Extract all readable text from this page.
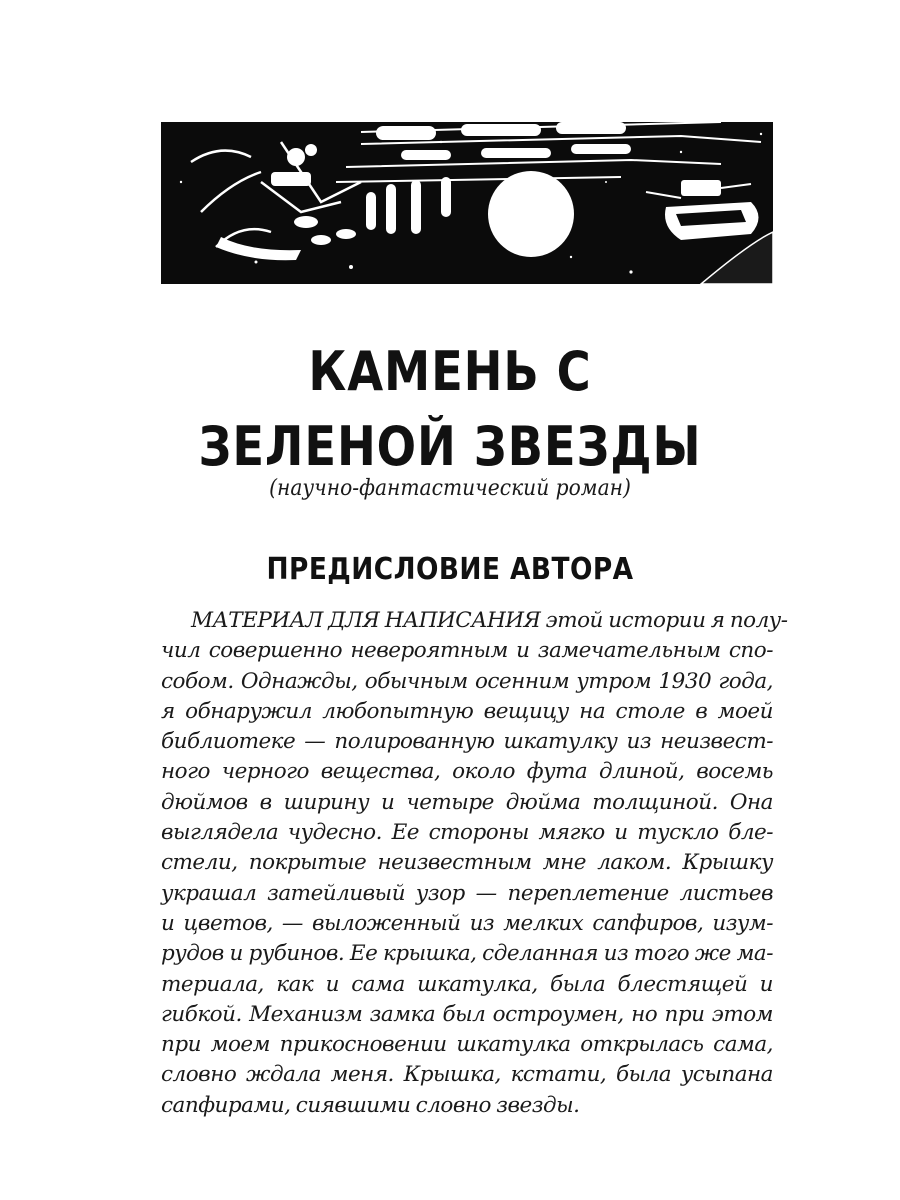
КАМЕНЬ С
ЗЕЛЕНОЙ ЗВЕЗДЫ
(научно-фантастический роман)
ПРЕДИСЛОВИЕ АВТОРА
МАТЕРИАЛ ДЛЯ НАПИСАНИЯ этой истории я полу-
чил совершенно невероятным и замечательным спо-
собом. Однажды, обычным осенним утром 1930 года,
я обнаружил любопытную вещицу на столе в моей
библиотеке — полированную шкатулку из неизвест-
ного черного вещества, около фута длиной, восемь
дюймов в ширину и четыре дюйма толщиной. Она
выглядела чудесно. Ее стороны мягко и тускло бле-
стели, покрытые неизвестным мне лаком. Крышку
украшал затейливый узор — переплетение листьев
и цветов, — выложенный из мелких сапфиров, изум-
рудов и рубинов. Ее крышка, сделанная из того же ма-
териала, как и сама шкатулка, была блестящей и
гибкой. Механизм замка был остроумен, но при этом
при моем прикосновении шкатулка открылась сама,
словно ждала меня. Крышка, кстати, была усыпана
сапфирами, сиявшими словно звезды.
